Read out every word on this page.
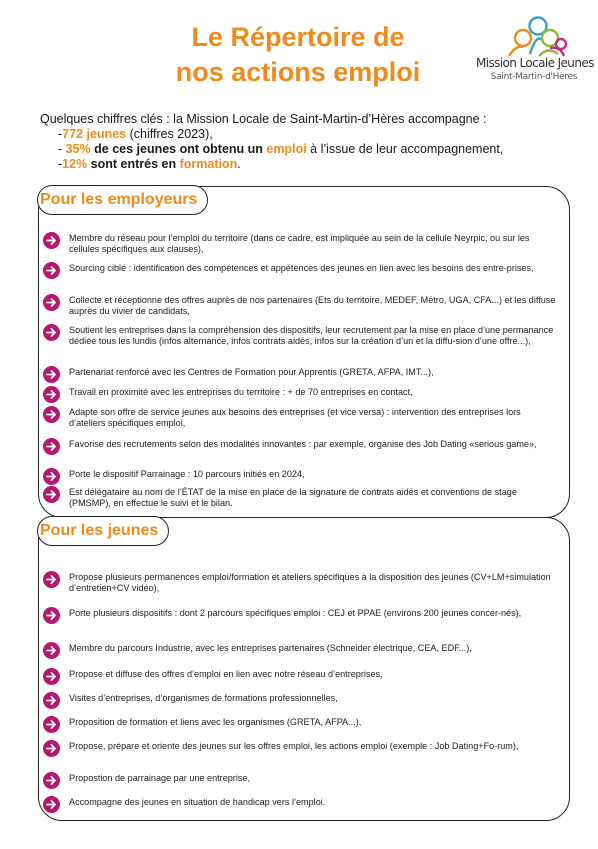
Le Répertoire de
nos actions emploi	Mission Locale Jeunes
Saint-Martin-d'Hères
Quelques chiffres clés : la Mission Locale de Saint-Martin-d’Hères accompagne :
-772 jeunes (chiffres 2023),
- 35% de ces jeunes ont obtenu un emploi à l’issue de leur accompagnement,
-12% sont entrés en formation.
Pour les employeurs
Membre du réseau pour l’emploi du territoire (dans ce cadre, est impliquée au sein de la cellule Neyrpic, ou sur les cellules spécifiques aux clauses),
Sourcing ciblé : identification des compétences et appétences des jeunes en lien avec les besoins des entre-prises,
Collecte et réceptionne des offres auprès de nos partenaires (Ets du territoire, MEDEF, Métro, UGA, CFA...) et les diffuse auprès du vivier de candidats,
Soutient les entreprises dans la compréhension des dispositifs, leur recrutement par la mise en place d’une permanance dédiée tous les lundis (infos alternance, infos contrats aidés, infos sur la création d’un et la diffu-sion d’une offre...),
Partenariat renforcé avec les Centres de Formation pour Apprentis (GRETA, AFPA, IMT...),
Travail en proximité avec les entreprises du territoire : + de 70 entreprises en contact,
Adapte son offre de service jeunes aux besoins des entreprises (et vice versa) : intervention des entreprises lors d’ateliers spécifiques emploi,
Favorise des recrutements selon des modalités innovantes : par exemple, organise des Job Dating «serious game»,
Porte le dispositif Parrainage : 10 parcours initiés en 2024,
Est délégataire au nom de l’ÉTAT de la mise en place de la signature de contrats aidés et conventions de stage (PMSMP), en effectue le suivi et le bilan.
Pour les jeunes
Propose plusieurs permanences emploi/formation et ateliers spécifiques à la disposition des jeunes (CV+LM+simulation d’entretien+CV vidéo),
Porte plusieurs dispositifs : dont 2 parcours spécifiques emploi : CEJ et PPAE (environs 200 jeunes concer-nés),
Membre du parcours Industrie, avec les entreprises partenaires (Schneider électrique, CEA, EDF...),
Propose et diffuse des offres d’emploi en lien avec notre réseau d’entreprises,
Visites d’entreprises, d’organismes de formations professionnelles,
Proposition de formation et liens avec les organismes (GRETA, AFPA...),
Propose, prépare et oriente des jeunes sur les offres emploi, les actions emploi (exemple : Job Dating+Fo-rum),
Propostion de parrainage par une entreprise,
Accompagne des jeunes en situation de handicap vers l’emploi.
